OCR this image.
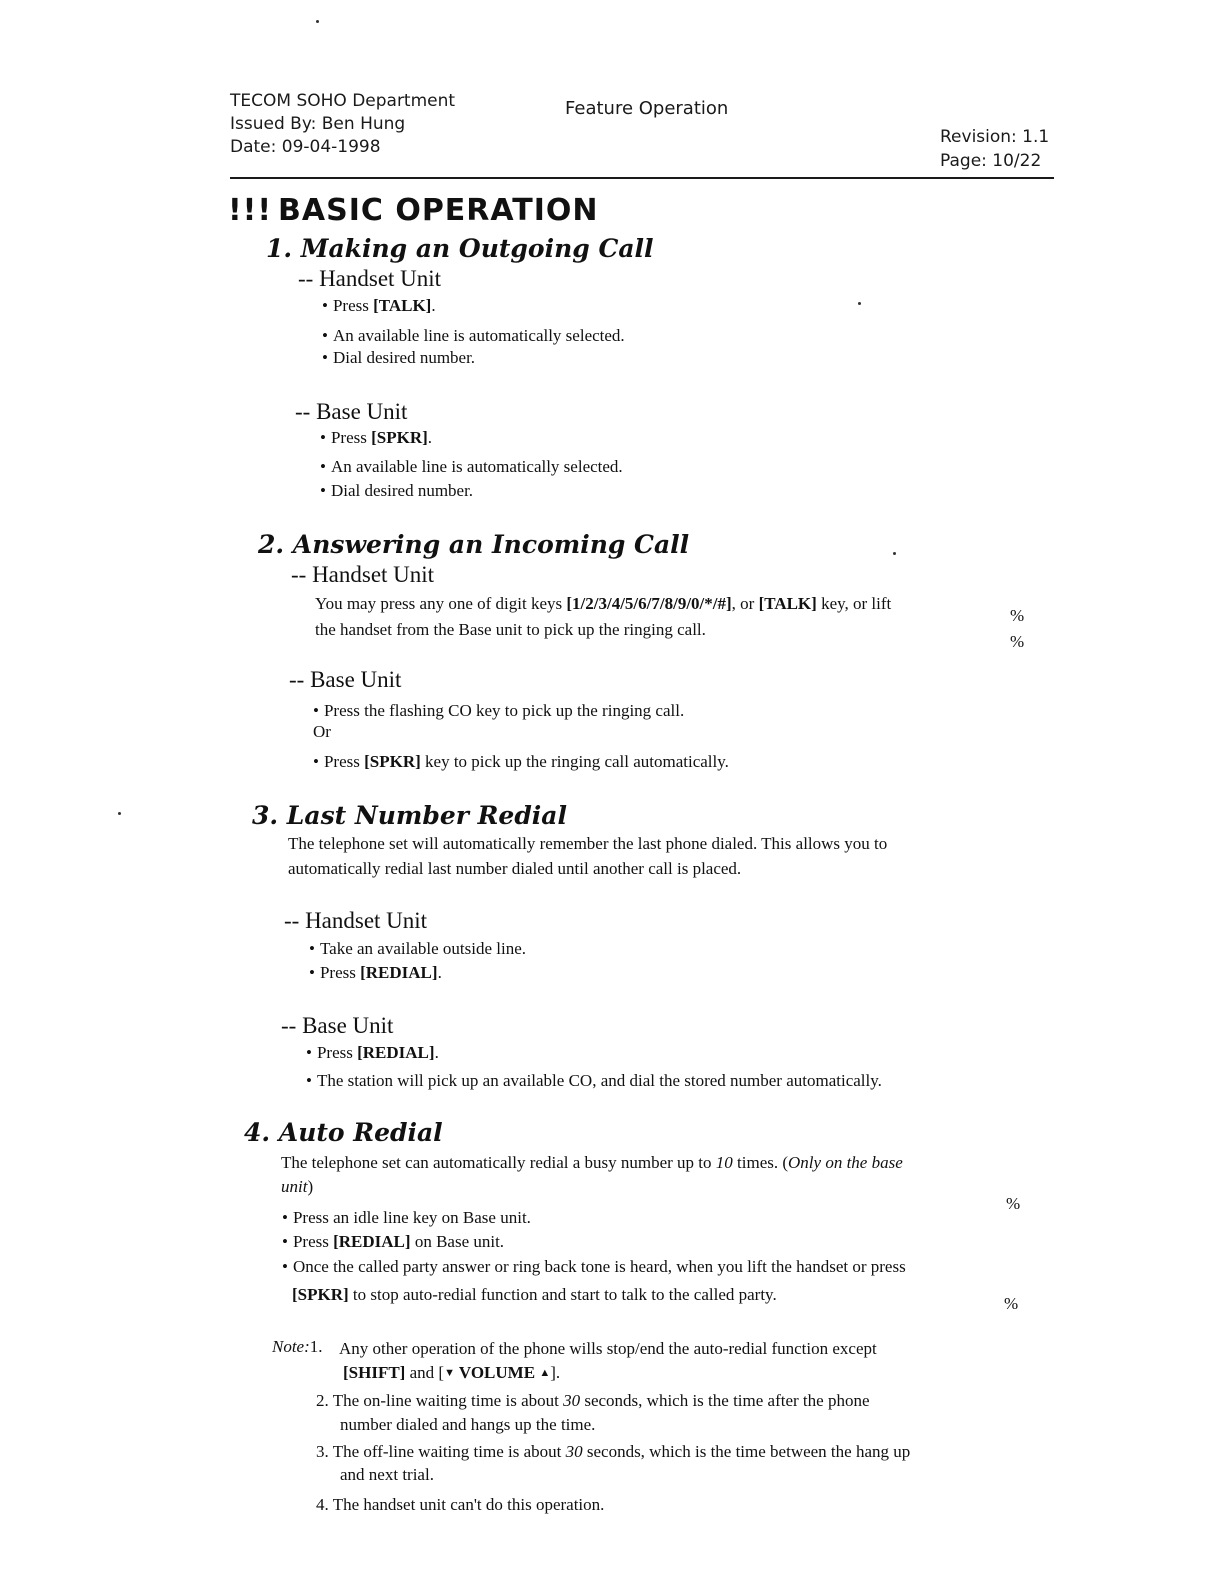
TECOM SOHO Department
Issued By: Ben Hung
Date: 09-04-1998
Feature Operation
Revision: 1.1
Page: 10/22
!!! BASIC OPERATION
1. Making an Outgoing Call
-- Handset Unit
• Press [TALK].
• An available line is automatically selected.
• Dial desired number.
-- Base Unit
• Press [SPKR].
• An available line is automatically selected.
• Dial desired number.
2. Answering an Incoming Call
-- Handset Unit
You may press any one of digit keys [1/2/3/4/5/6/7/8/9/0/*/#], or [TALK] key, or lift
the handset from the Base unit to pick up the ringing call.
%
%
-- Base Unit
• Press the flashing CO key to pick up the ringing call.
Or
• Press [SPKR] key to pick up the ringing call automatically.
3. Last Number Redial
The telephone set will automatically remember the last phone dialed. This allows you to
automatically redial last number dialed until another call is placed.
-- Handset Unit
• Take an available outside line.
• Press [REDIAL].
-- Base Unit
• Press [REDIAL].
• The station will pick up an available CO, and dial the stored number automatically.
4. Auto Redial
The telephone set can automatically redial a busy number up to 10 times. (Only on the base
unit)
%
• Press an idle line key on Base unit.
• Press [REDIAL] on Base unit.
• Once the called party answer or ring back tone is heard, when you lift the handset or press
[SPKR] to stop auto-redial function and start to talk to the called party.	%
Note:1. Any other operation of the phone wills stop/end the auto-redial function except
[SHIFT] and [▼ VOLUME ▲].
2. The on-line waiting time is about 30 seconds, which is the time after the phone
number dialed and hangs up the time.
3. The off-line waiting time is about 30 seconds, which is the time between the hang up
and next trial.
4. The handset unit can't do this operation.
